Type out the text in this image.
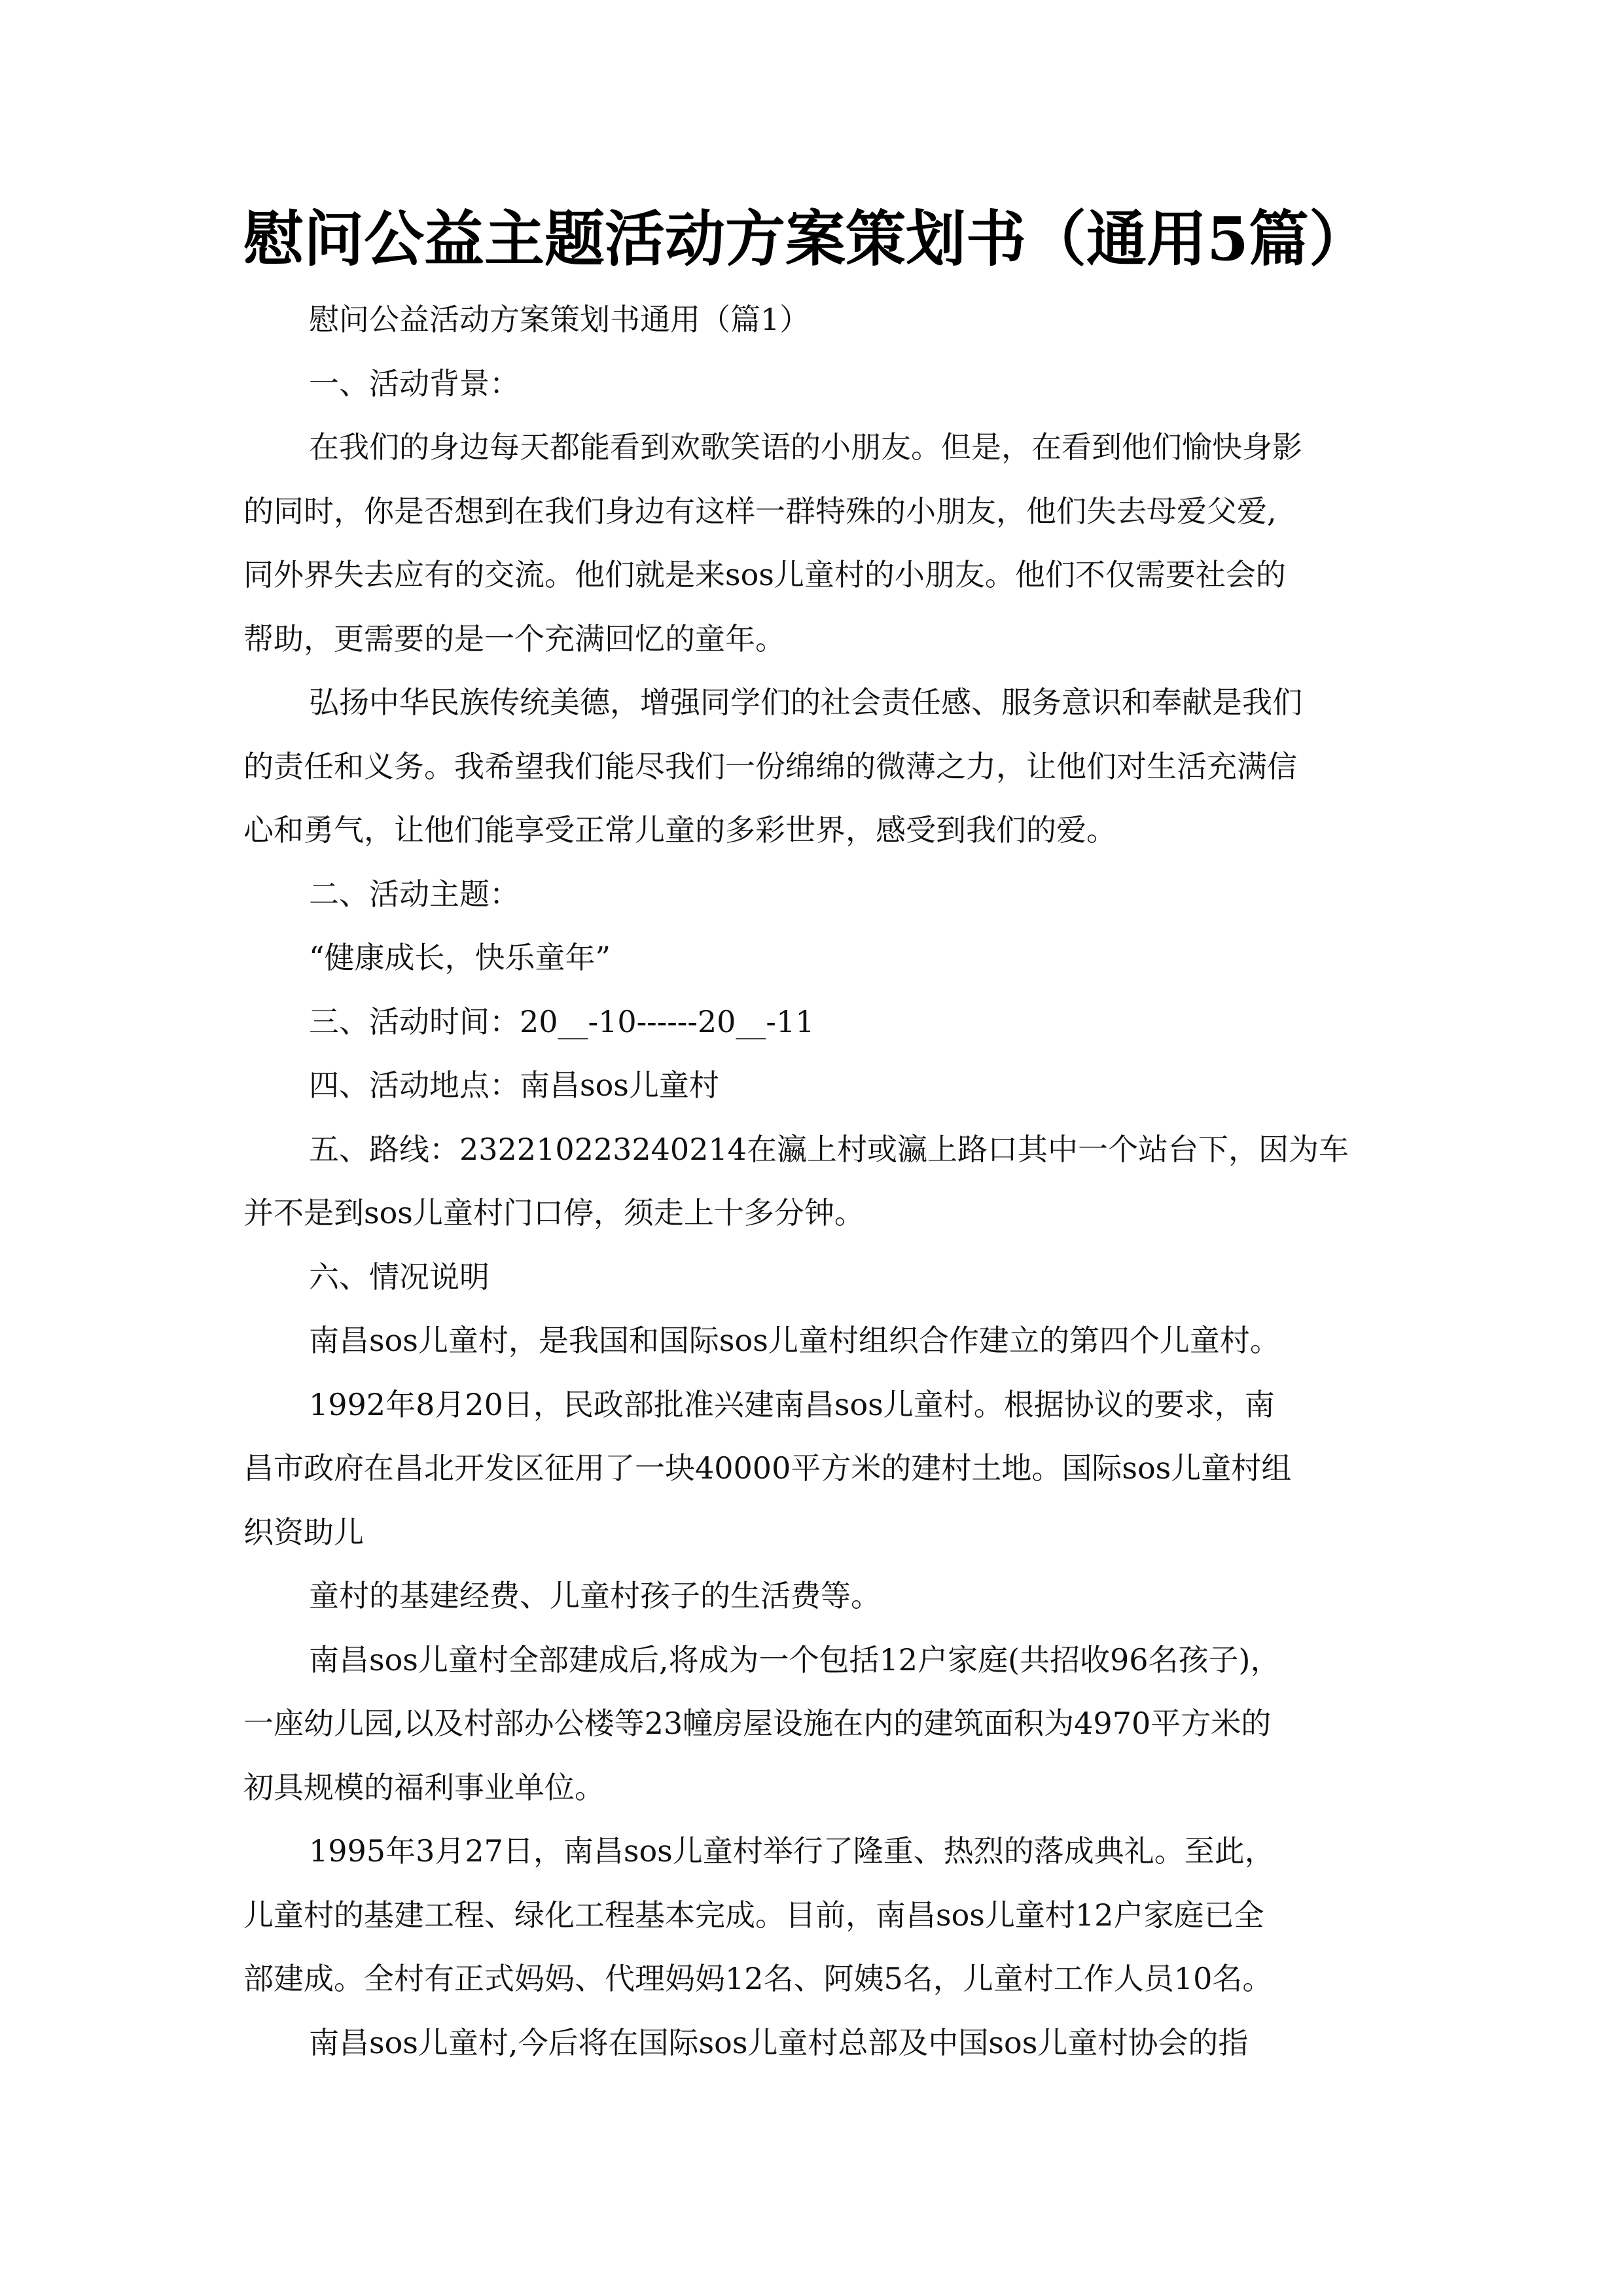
慰问公益主题活动方案策划书（通用5篇）
慰问公益活动方案策划书通用（篇1）
一、活动背景：
在我们的身边每天都能看到欢歌笑语的小朋友。但是，在看到他们愉快身影
的同时，你是否想到在我们身边有这样一群特殊的小朋友，他们失去母爱父爱,
同外界失去应有的交流。他们就是来sos儿童村的小朋友。他们不仅需要社会的
帮助，更需要的是一个充满回忆的童年。
弘扬中华民族传统美德，增强同学们的社会责任感、服务意识和奉献是我们
的责任和义务。我希望我们能尽我们一份绵绵的微薄之力，让他们对生活充满信
心和勇气，让他们能享受正常儿童的多彩世界，感受到我们的爱。
二、活动主题：
“健康成长，快乐童年”
三、活动时间：20__-10------20__-11
四、活动地点：南昌sos儿童村
五、路线：232210223240214在瀛上村或瀛上路口其中一个站台下，因为车
并不是到sos儿童村门口停，须走上十多分钟。
六、情况说明
南昌sos儿童村，是我国和国际sos儿童村组织合作建立的第四个儿童村。
1992年8月20日，民政部批准兴建南昌sos儿童村。根据协议的要求，南
昌市政府在昌北开发区征用了一块40000平方米的建村土地。国际sos儿童村组
织资助儿
童村的基建经费、儿童村孩子的生活费等。
南昌sos儿童村全部建成后,将成为一个包括12户家庭(共招收96名孩子)，
一座幼儿园,以及村部办公楼等23幢房屋设施在内的建筑面积为4970平方米的
初具规模的福利事业单位。
1995年3月27日，南昌sos儿童村举行了隆重、热烈的落成典礼。至此，
儿童村的基建工程、绿化工程基本完成。目前，南昌sos儿童村12户家庭已全
部建成。全村有正式妈妈、代理妈妈12名、阿姨5名，儿童村工作人员10名。
南昌sos儿童村,今后将在国际sos儿童村总部及中国sos儿童村协会的指
